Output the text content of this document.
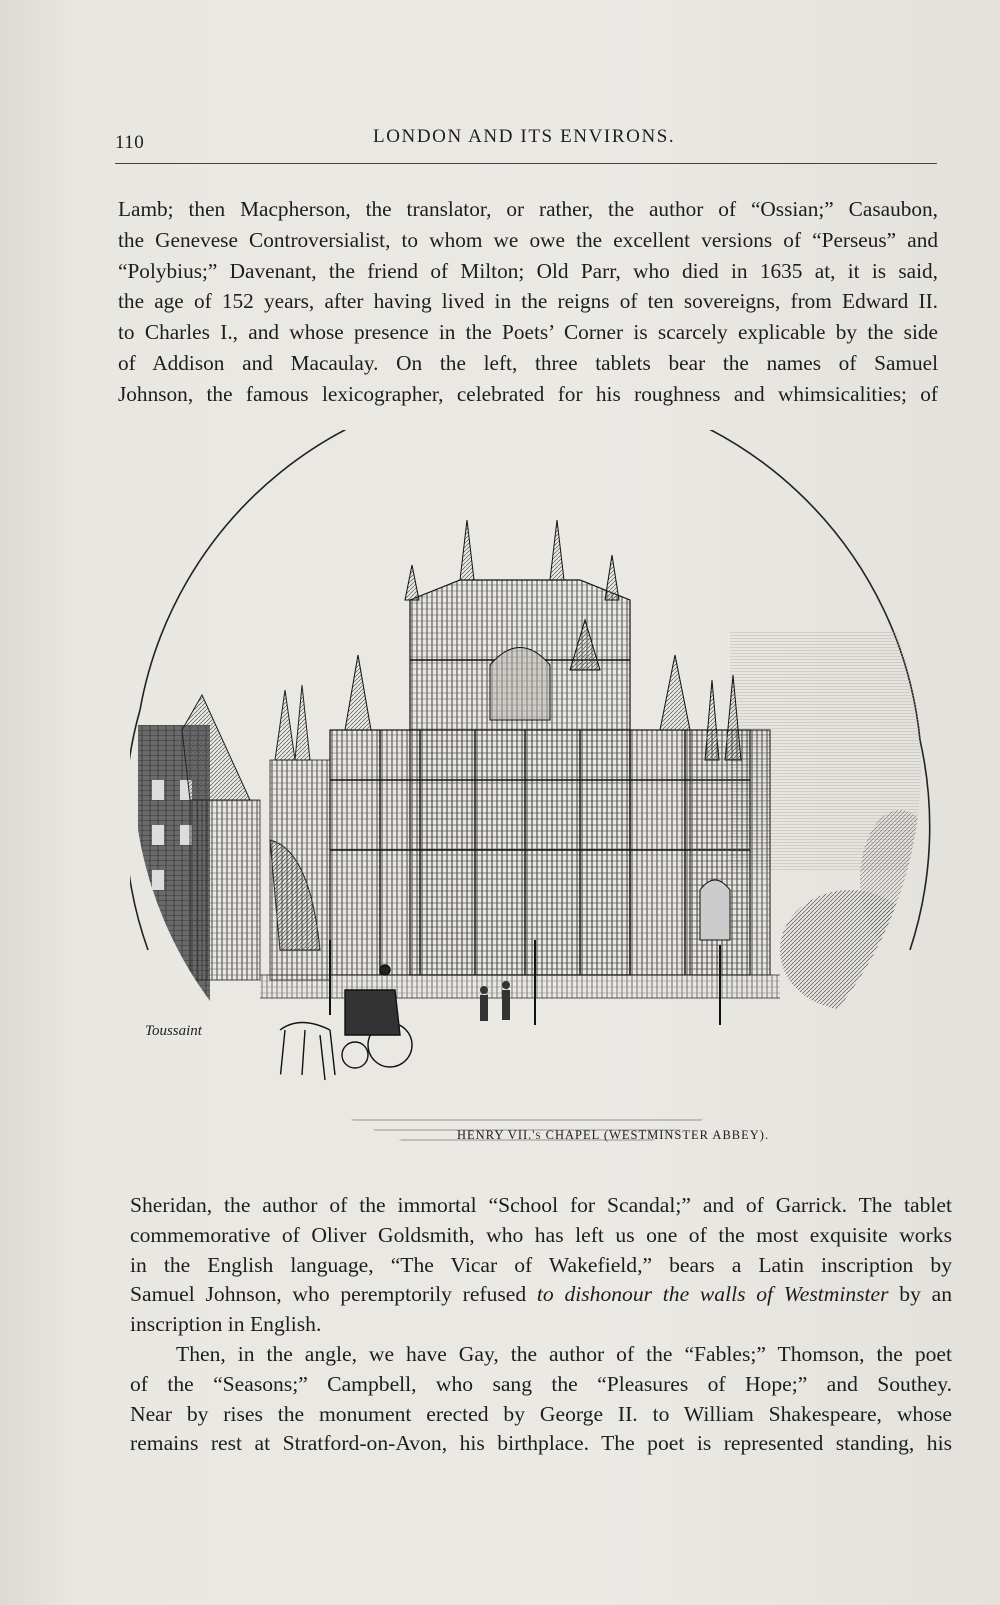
110	LONDON AND ITS ENVIRONS.
Lamb; then Macpherson, the translator, or rather, the author of “Ossian;” Casaubon,
the Genevese Controversialist, to whom we owe the excellent versions of “Perseus” and
“Polybius;” Davenant, the friend of Milton; Old Parr, who died in 1635 at, it is said,
the age of 152 years, after having lived in the reigns of ten sovereigns, from Edward II.
to Charles I., and whose presence in the Poets’ Corner is scarcely explicable by the side
of Addison and Macaulay. On the left, three tablets bear the names of Samuel
Johnson, the famous lexicographer, celebrated for his roughness and whimsicalities; of
Toussaint
HENRY VII.'s CHAPEL (WESTMINSTER ABBEY).
Sheridan, the author of the immortal “School for Scandal;” and of Garrick. The tablet
commemorative of Oliver Goldsmith, who has left us one of the most exquisite works
in the English language, “The Vicar of Wakefield,” bears a Latin inscription by
Samuel Johnson, who peremptorily refused to dishonour the walls of Westminster by an
inscription in English.
Then, in the angle, we have Gay, the author of the “Fables;” Thomson, the poet
of the “Seasons;” Campbell, who sang the “Pleasures of Hope;” and Southey.
Near by rises the monument erected by George II. to William Shakespeare, whose
remains rest at Stratford-on-Avon, his birthplace. The poet is represented standing, his
